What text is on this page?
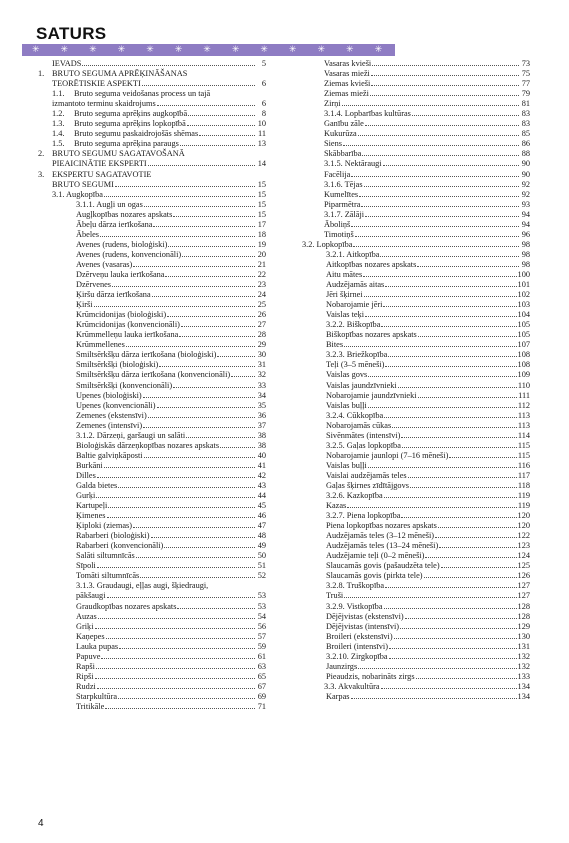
SATURS
✳ ✳ ✳ ✳ ✳ ✳ ✳ ✳ ✳ ✳ ✳ ✳ ✳ ✳ ✳ ✳ ✳
IEVADS	5
1. BRUTO SEGUMA APRĒĶINĀŠANAS
TEORĒTISKIE ASPEKTI	6
1.1.	Bruto seguma veidošanas process un tajā
izmantoto terminu skaidrojums	6
1.2.	Bruto seguma aprēķins augkopībā	8
1.3.	Bruto seguma aprēķins lopkopībā	10
1.4.	Bruto segumu paskaidrojošās shēmas	11
1.5.	Bruto seguma aprēķina paraugs	13
2. BRUTO SEGUMU SAGATAVOŠANĀ
PIEAICINĀTIE EKSPERTI	14
3. EKSPERTU SAGATAVOTIE
BRUTO SEGUMI	15
3.1. Augkopība	15
3.1.1. Augļi un ogas	15
Augļkopības nozares apskats	15
Ābeļu dārza ierīkošana	17
Ābeles	18
Avenes (rudens, bioloģiski)	19
Avenes (rudens, konvencionāli)	20
Avenes (vasaras)	21
Dzērveņu lauka ierīkošana	22
Dzērvenes	23
Ķiršu dārza ierīkošana	24
Ķirši	25
Krūmcidonijas (bioloģiski)	26
Krūmcidonijas (konvencionāli)	27
Krūmmelleņu lauka ierīkošana	28
Krūmmellenes	29
Smiltsērkšķu dārza ierīkošana (bioloģiski)	30
Smiltsērkšķi (bioloģiski)	31
Smiltsērkšķu dārza ierīkošana (konvencionāli)	32
Smiltsērkšķi (konvencionāli)	33
Upenes (bioloģiski)	34
Upenes (konvencionāli)	35
Zemenes (ekstensīvi)	36
Zemenes (intensīvi)	37
3.1.2. Dārzeņi, garšaugi un salāti	38
Bioloģiskās dārzeņkopības nozares apskats	38
Baltie galviņkāposti	40
Burkāni	41
Dilles	42
Galda bietes	43
Gurķi	44
Kartupeļi	45
Ķimenes	46
Ķiploki (ziemas)	47
Rabarberi (bioloģiski)	48
Rabarberi (konvencionāli)	49
Salāti siltumnīcās	50
Sīpoli	51
Tomāti siltumnīcās	52
3.1.3. Graudaugi, eļļas augi, šķiedraugi,
pākšaugi	53
Graudkopības nozares apskats	53
Auzas	54
Griķi	56
Kaņepes	57
Lauka pupas	59
Papuve	61
Rapši	63
Ripši	65
Rudzi	67
Starpkultūra	69
Tritikāle	71
Vasaras kvieši	73
Vasaras mieži	75
Ziemas kvieši	77
Ziemas mieži	79
Zirņi	81
3.1.4. Lopbarības kultūras	83
Ganību zāle	83
Kukurūza	85
Siens	86
Skābbarība	88
3.1.5. Nektāraugi	90
Facēlija	90
3.1.6. Tējas	92
Kumelītes	92
Piparmētra	93
3.1.7. Zālāji	94
Āboliņš	94
Timotiņš	96
3.2. Lopkopība	98
3.2.1. Aitkopība	98
Aitkopības nozares apskats	98
Aitu mātes	100
Audzējamās aitas	101
Jēri šķirnei	102
Nobarojamie jēri	103
Vaislas teķi	104
3.2.2. Biškopība	105
Biškopības nozares apskats	105
Bites	107
3.2.3. Briežkopība	108
Teļi (3–5 mēneši)	108
Vaislas govs	109
Vaislas jaundzīvnieki	110
Nobarojamie jaundzīvnieki	111
Vaislas buļļi	112
3.2.4. Cūkkopība	113
Nobarojamās cūkas	113
Sivēnmātes (intensīvi)	114
3.2.5. Gaļas lopkopība	115
Nobarojamie jaunlopi (7–16 mēneši)	115
Vaislas buļļi	116
Vaislai audzējamās teles	117
Gaļas šķirnes zīdītājgovs	118
3.2.6. Kazkopība	119
Kazas	119
3.2.7. Piena lopkopība	120
Piena lopkopības nozares apskats	120
Audzējamās teles (3–12 mēneši)	122
Audzējamās teles (13–24 mēneši)	123
Audzējamie teļi (0–2 mēneši)	124
Slaucamās govis (pašaudzēta tele)	125
Slaucamās govis (pirkta tele)	126
3.2.8. Truškopība	127
Truši	127
3.2.9. Vistkopība	128
Dējējvistas (ekstensīvi)	128
Dējējvistas (intensīvi)	129
Broileri (ekstensīvi)	130
Broileri (intensīvi)	131
3.2.10. Zirgkopība	132
Jaunzirgs	132
Pieaudzis, nobarināts zirgs	133
3.3. Akvakultūra	134
Karpas	134
4
